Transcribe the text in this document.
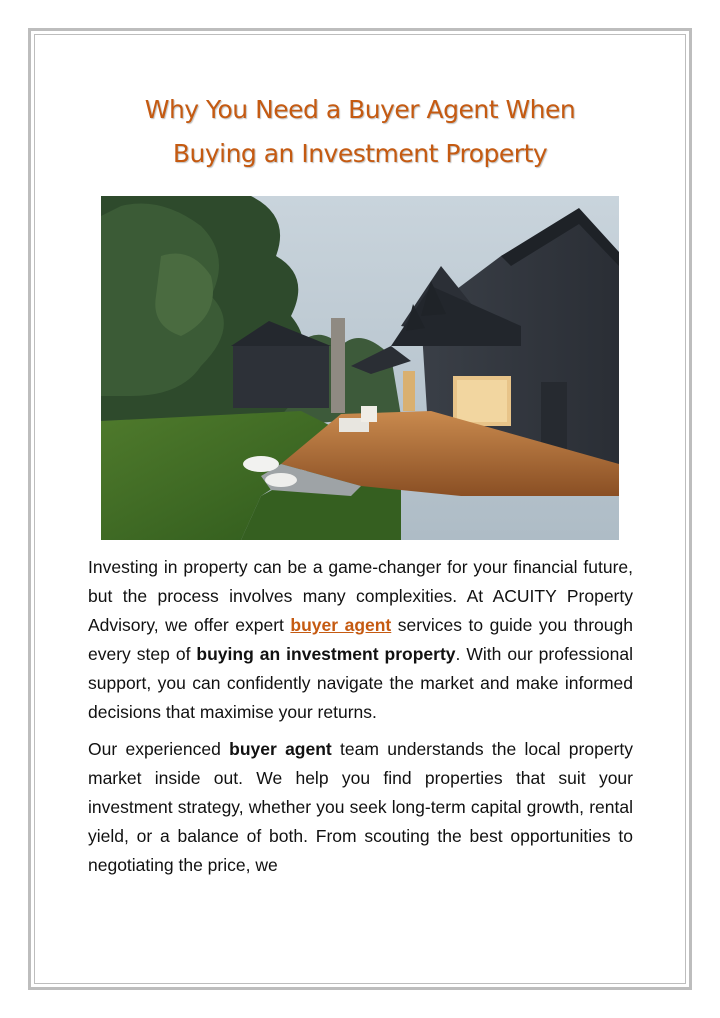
Why You Need a Buyer Agent When
Buying an Investment Property

Investing in property can be a game-changer for your financial future, but the process involves many complexities. At ACUITY Property Advisory, we offer expert buyer agent services to guide you through every step of buying an investment property. With our professional support, you can confidently navigate the market and make informed decisions that maximise your returns.

Our experienced buyer agent team understands the local property market inside out. We help you find properties that suit your investment strategy, whether you seek long-term capital growth, rental yield, or a balance of both. From scouting the best opportunities to negotiating the price, we
